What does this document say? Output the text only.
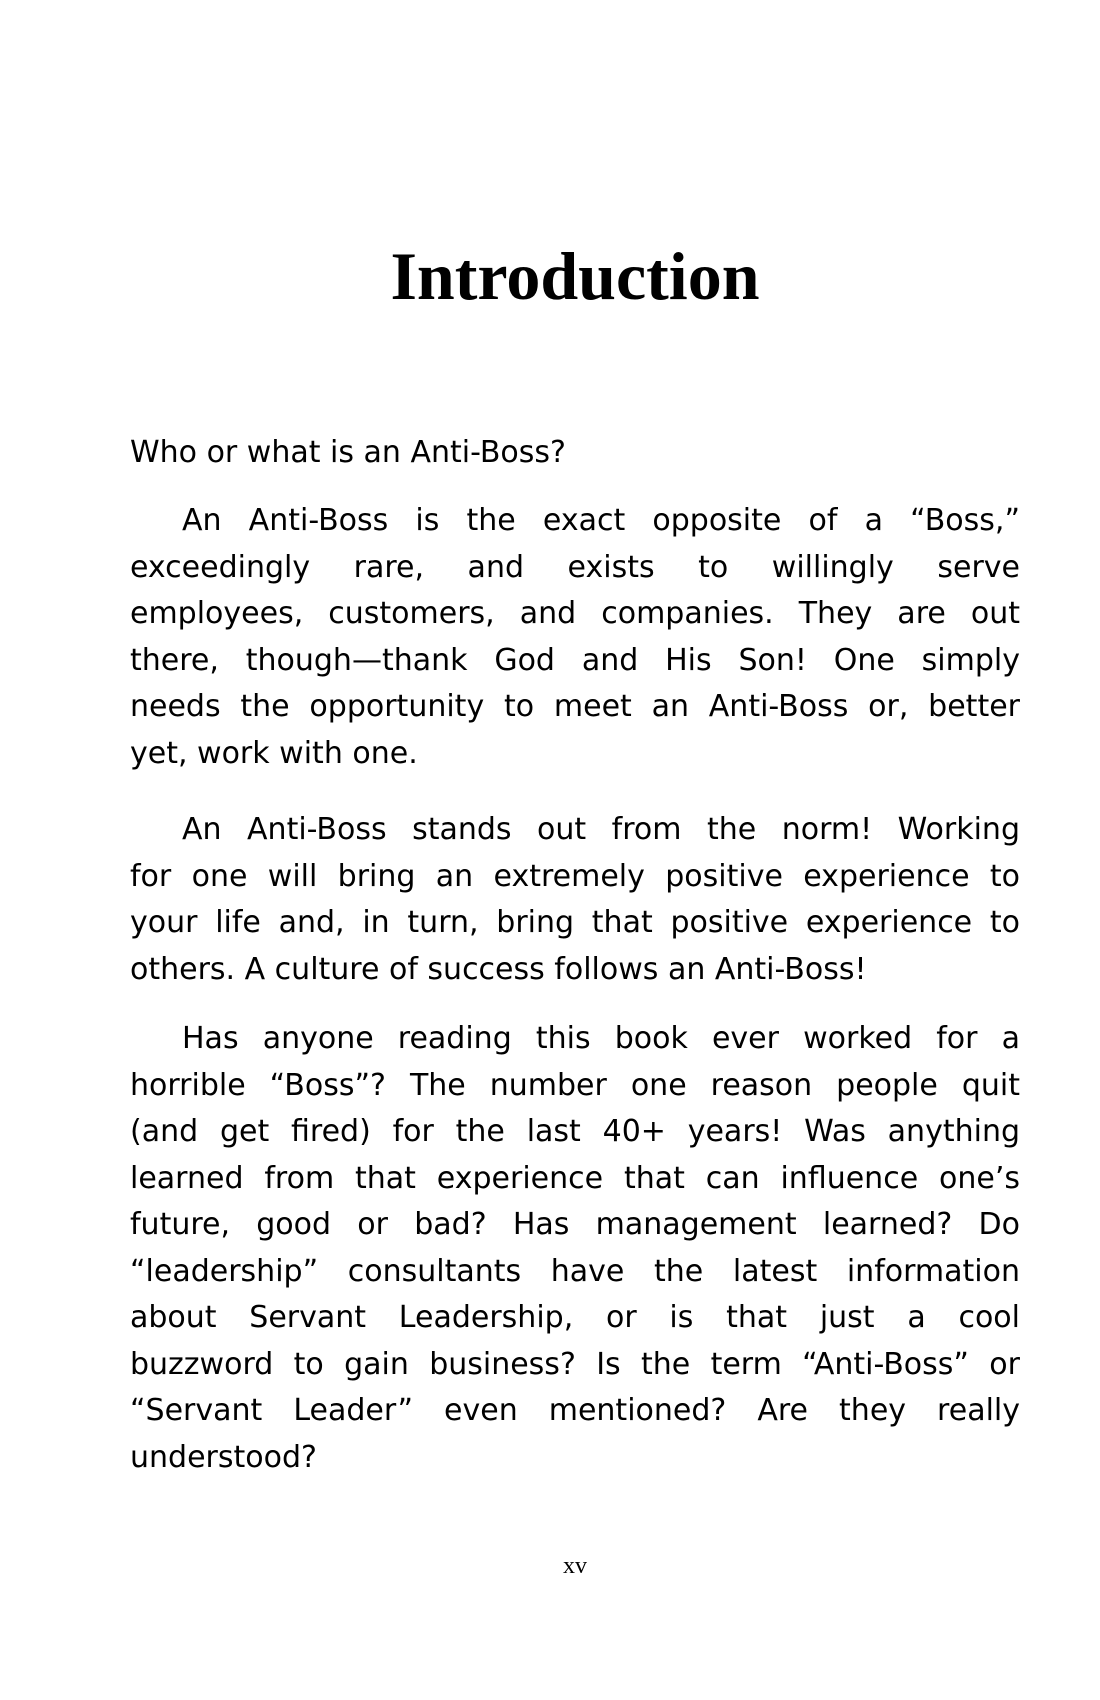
Introduction
Who or what is an Anti-Boss?
An Anti-Boss is the exact opposite of a “Boss,”
exceedingly rare, and exists to willingly serve
employees, customers, and companies. They are out
there, though—thank God and His Son! One simply
needs the opportunity to meet an Anti-Boss or, better
yet, work with one.
An Anti-Boss stands out from the norm! Working
for one will bring an extremely positive experience to
your life and, in turn, bring that positive experience to
others. A culture of success follows an Anti-Boss!
Has anyone reading this book ever worked for a
horrible “Boss”? The number one reason people quit
(and get fired) for the last 40+ years! Was anything
learned from that experience that can influence one’s
future, good or bad? Has management learned? Do
“leadership” consultants have the latest information
about Servant Leadership, or is that just a cool
buzzword to gain business? Is the term “Anti-Boss” or
“Servant Leader” even mentioned? Are they really
understood?
xv
